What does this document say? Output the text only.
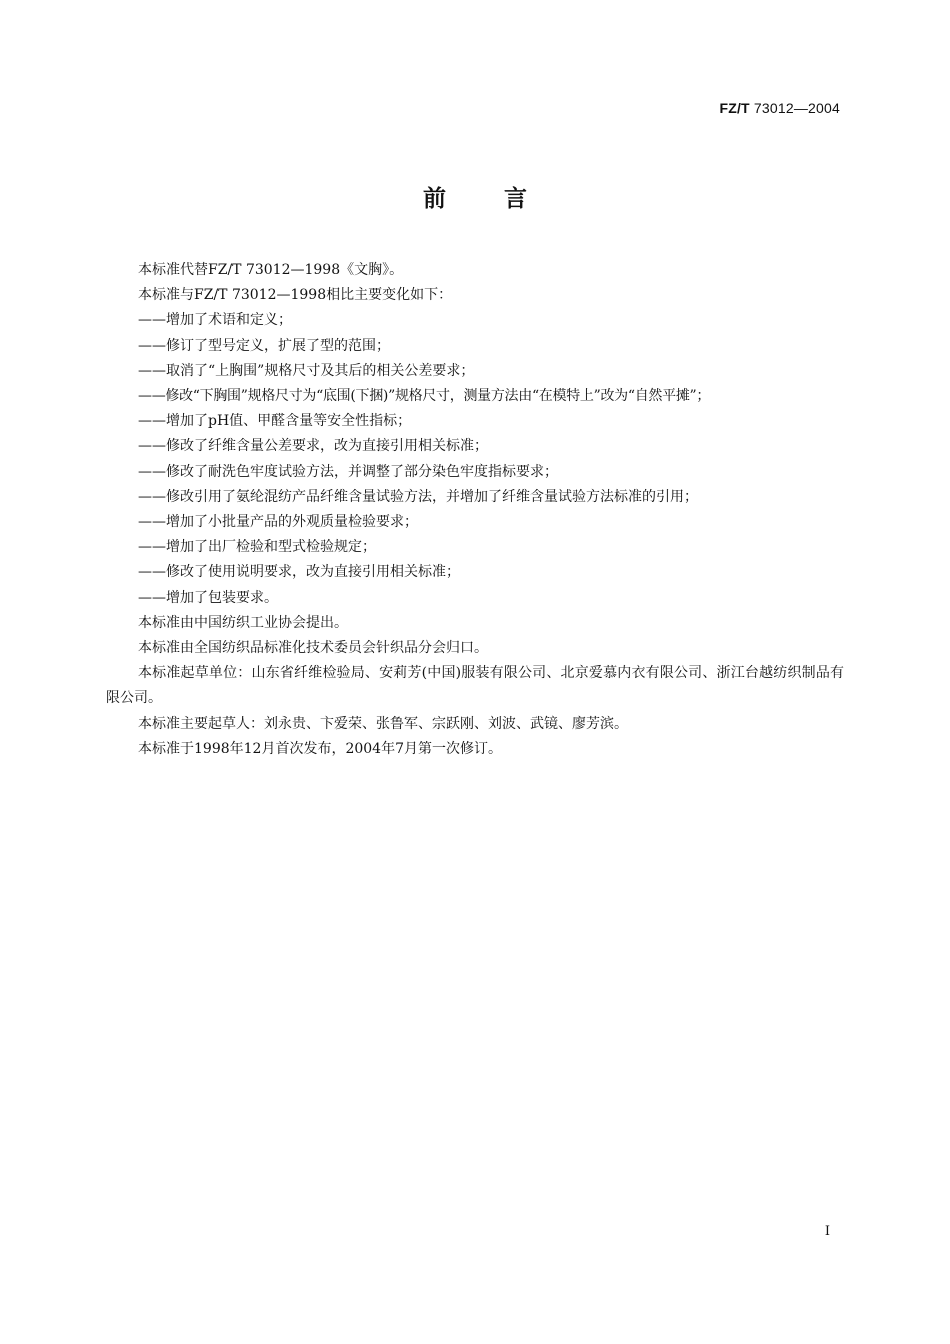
FZ/T 73012—2004
前言

本标准代替FZ/T 73012—1998《文胸》。

本标准与FZ/T 73012—1998相比主要变化如下：

——增加了术语和定义；

——修订了型号定义，扩展了型的范围；

——取消了“上胸围”规格尺寸及其后的相关公差要求；

——修改“下胸围”规格尺寸为“底围(下捆)”规格尺寸，测量方法由“在模特上”改为“自然平摊”；

——增加了pH值、甲醛含量等安全性指标；

——修改了纤维含量公差要求，改为直接引用相关标准；

——修改了耐洗色牢度试验方法，并调整了部分染色牢度指标要求；

——修改引用了氨纶混纺产品纤维含量试验方法，并增加了纤维含量试验方法标准的引用；

——增加了小批量产品的外观质量检验要求；

——增加了出厂检验和型式检验规定；

——修改了使用说明要求，改为直接引用相关标准；

——增加了包装要求。

本标准由中国纺织工业协会提出。

本标准由全国纺织品标准化技术委员会针织品分会归口。

本标准起草单位：山东省纤维检验局、安莉芳(中国)服装有限公司、北京爱慕内衣有限公司、浙江台越纺织制品有限公司。

本标准主要起草人：刘永贵、卞爱荣、张鲁军、宗跃刚、刘波、武镜、廖芳滨。

本标准于1998年12月首次发布，2004年7月第一次修订。

I
